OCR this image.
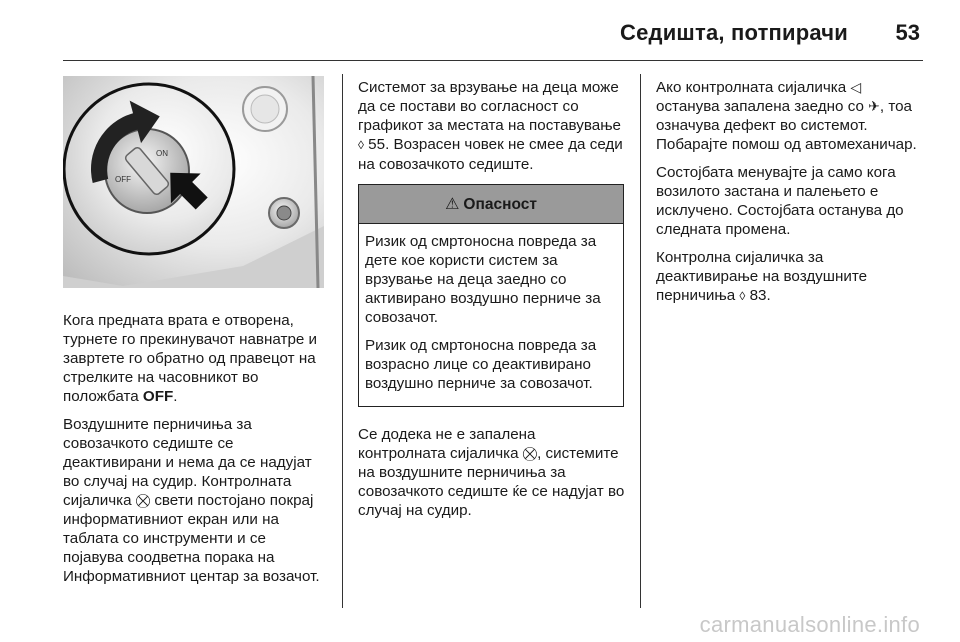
Седишта, потпирачи 53
ON
OFF

Кога предната врата е отворена, турнете го прекинувачот навнатре и завртете го обратно од правецот на стрелките на часовникот во положбата OFF.

Воздушните перничиња за совозачкото седиште се деактивирани и нема да се надујат во случај на судир. Контролната сијаличка ⛒ свети постојано покрај информативниот екран или на таблата со инструменти и се појавува соодветна порака на Информативниот центар за возачот.

Системот за врзување на деца може да се постави во согласност со графикот за местата на поставување ◊ 55. Возрасен човек не смее да седи на совозачкото седиште.

⚠ Опасност

Ризик од смртоносна повреда за дете кое користи систем за врзување на деца заедно со активирано воздушно перниче за совозачот.

Ризик од смртоносна повреда за возрасно лице со деактивирано воздушно перниче за совозачот.

Се додека не е запалена контролната сијаличка ⛒, системите на воздушните перничиња за совозачкото седиште ќе се надујат во случај на судир.

Ако контролната сијаличка ◁ останува запалена заедно со ✈, тоа означува дефект во системот. Побарајте помош од автомеханичар.

Состојбата менувајте ја само кога возилото застана и палењето е исклучено. Состојбата останува до следната промена.

Контролна сијаличка за деактивирање на воздушните перничиња ◊ 83.

carmanualsonline.info
